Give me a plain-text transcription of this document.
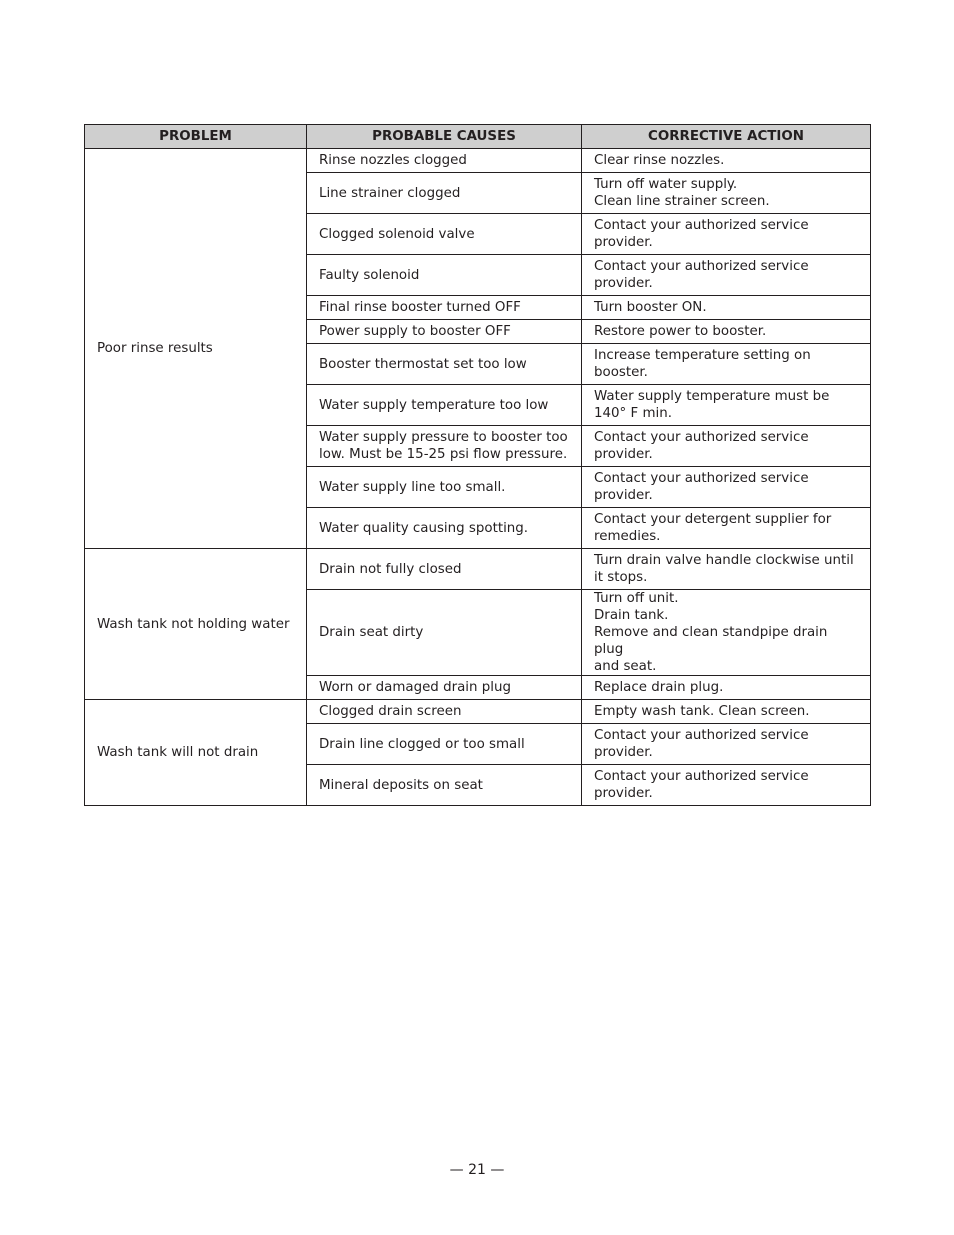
PROBLEM	PROBABLE CAUSES	CORRECTIVE ACTION
Poor rinse results	Rinse nozzles clogged	Clear rinse nozzles.

	Line strainer clogged	Turn off water supply.
Clean line strainer screen.

	Clogged solenoid valve	Contact your authorized service
provider.

	Faulty solenoid	Contact your authorized service
provider.

	Final rinse booster turned OFF	Turn booster ON.

	Power supply to booster OFF	Restore power to booster.

	Booster thermostat set too low	Increase temperature setting on
booster.

	Water supply temperature too low	Water supply temperature must be
140° F min.

	Water supply pressure to booster too
low. Must be 15-25 psi flow pressure.	Contact your authorized service
provider.

	Water supply line too small.	Contact your authorized service
provider.

	Water quality causing spotting.	Contact your detergent supplier for
remedies.

Wash tank not holding water	Drain not fully closed	Turn drain valve handle clockwise until
it stops.

	Drain seat dirty	Turn off unit.
Drain tank.
Remove and clean standpipe drain plug
and seat.

	Worn or damaged drain plug	Replace drain plug.

Wash tank will not drain	Clogged drain screen	Empty wash tank. Clean screen.

	Drain line clogged or too small	Contact your authorized service
provider.

	Mineral deposits on seat	Contact your authorized service
provider.
— 21 —
